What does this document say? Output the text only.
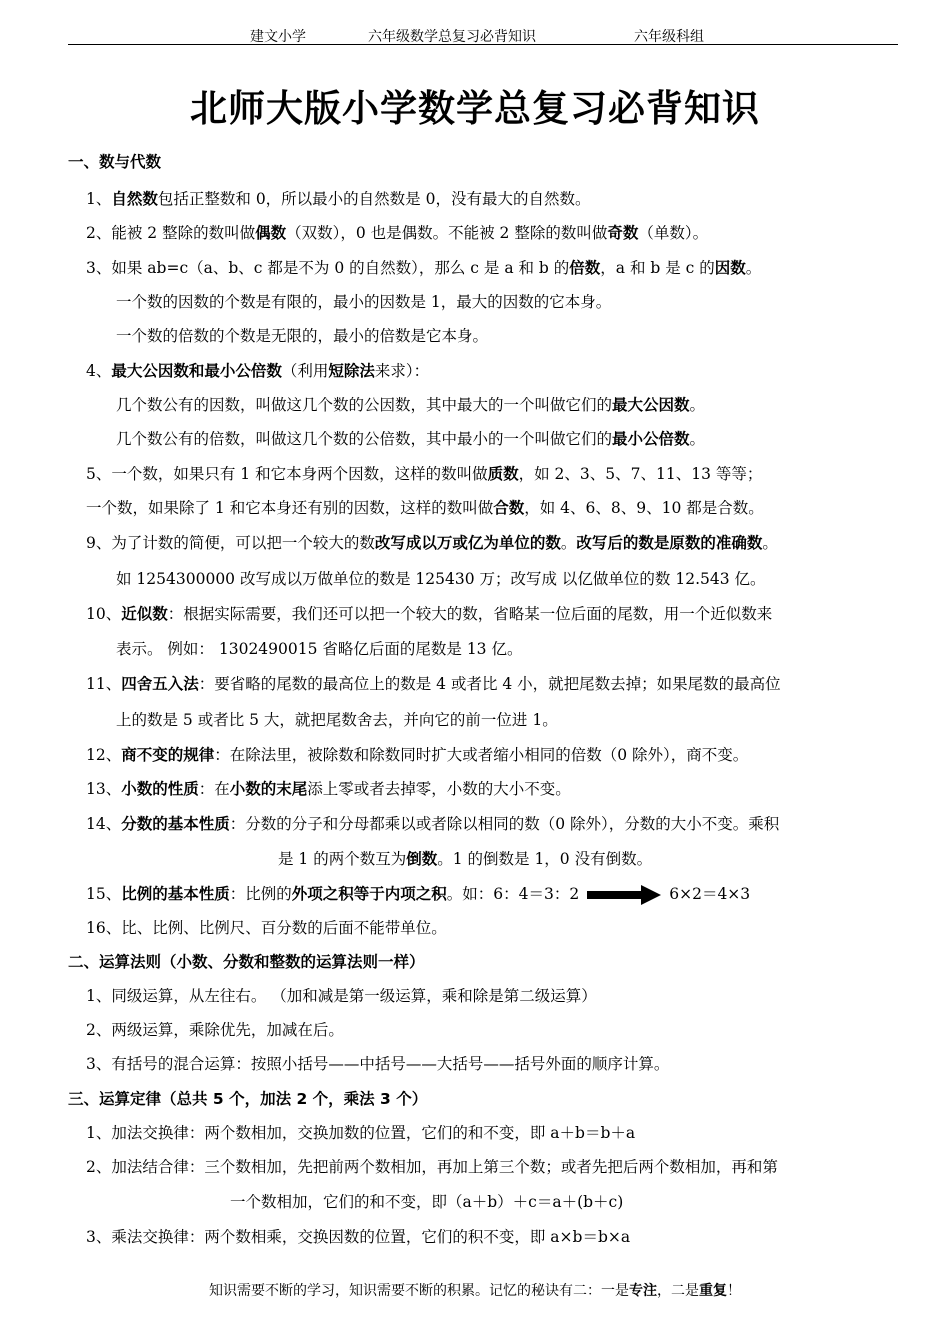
建文小学	六年级数学总复习必背知识	六年级科组
北师大版小学数学总复习必背知识
一、数与代数
1、自然数包括正整数和 0，所以最小的自然数是 0，没有最大的自然数。
2、能被 2 整除的数叫做偶数（双数），0 也是偶数。不能被 2 整除的数叫做奇数（单数）。
3、如果 ab=c（a、b、c 都是不为 0 的自然数），那么 c 是 a 和 b 的倍数，a 和 b 是 c 的因数。
一个数的因数的个数是有限的，最小的因数是 1，最大的因数的它本身。
一个数的倍数的个数是无限的，最小的倍数是它本身。
4、最大公因数和最小公倍数（利用短除法来求）：
几个数公有的因数，叫做这几个数的公因数，其中最大的一个叫做它们的最大公因数。
几个数公有的倍数，叫做这几个数的公倍数，其中最小的一个叫做它们的最小公倍数。
5、一个数，如果只有 1 和它本身两个因数，这样的数叫做质数，如 2、3、5、7、11、13 等等；
一个数，如果除了 1 和它本身还有别的因数，这样的数叫做合数，如 4、6、8、9、10 都是合数。
9、为了计数的简便，可以把一个较大的数改写成以万或亿为单位的数。改写后的数是原数的准确数。
如 1254300000 改写成以万做单位的数是 125430 万；改写成 以亿做单位的数 12.543 亿。
10、近似数：根据实际需要，我们还可以把一个较大的数，省略某一位后面的尾数，用一个近似数来
表示。 例如： 1302490015 省略亿后面的尾数是 13 亿。
11、四舍五入法：要省略的尾数的最高位上的数是 4 或者比 4 小，就把尾数去掉；如果尾数的最高位
上的数是 5 或者比 5 大，就把尾数舍去，并向它的前一位进 1。
12、商不变的规律：在除法里，被除数和除数同时扩大或者缩小相同的倍数（0 除外），商不变。
13、小数的性质：在小数的末尾添上零或者去掉零，小数的大小不变。
14、分数的基本性质：分数的分子和分母都乘以或者除以相同的数（0 除外），分数的大小不变。乘积
是 1 的两个数互为倒数。1 的倒数是 1，0 没有倒数。
15、比例的基本性质：比例的外项之积等于内项之积。如：6：4＝3：2	6×2＝4×3
16、比、比例、比例尺、百分数的后面不能带单位。
二、运算法则（小数、分数和整数的运算法则一样）
1、同级运算，从左往右。 （加和减是第一级运算，乘和除是第二级运算）
2、两级运算，乘除优先，加减在后。
3、有括号的混合运算：按照小括号——中括号——大括号——括号外面的顺序计算。
三、运算定律（总共 5 个，加法 2 个，乘法 3 个）
1、加法交换律：两个数相加，交换加数的位置，它们的和不变，即 a＋b＝b＋a
2、加法结合律：三个数相加，先把前两个数相加，再加上第三个数；或者先把后两个数相加，再和第
一个数相加，它们的和不变，即（a＋b）＋c＝a＋(b＋c)
3、乘法交换律：两个数相乘，交换因数的位置，它们的积不变，即 a×b＝b×a
知识需要不断的学习，知识需要不断的积累。记忆的秘诀有二：一是专注，二是重复！
